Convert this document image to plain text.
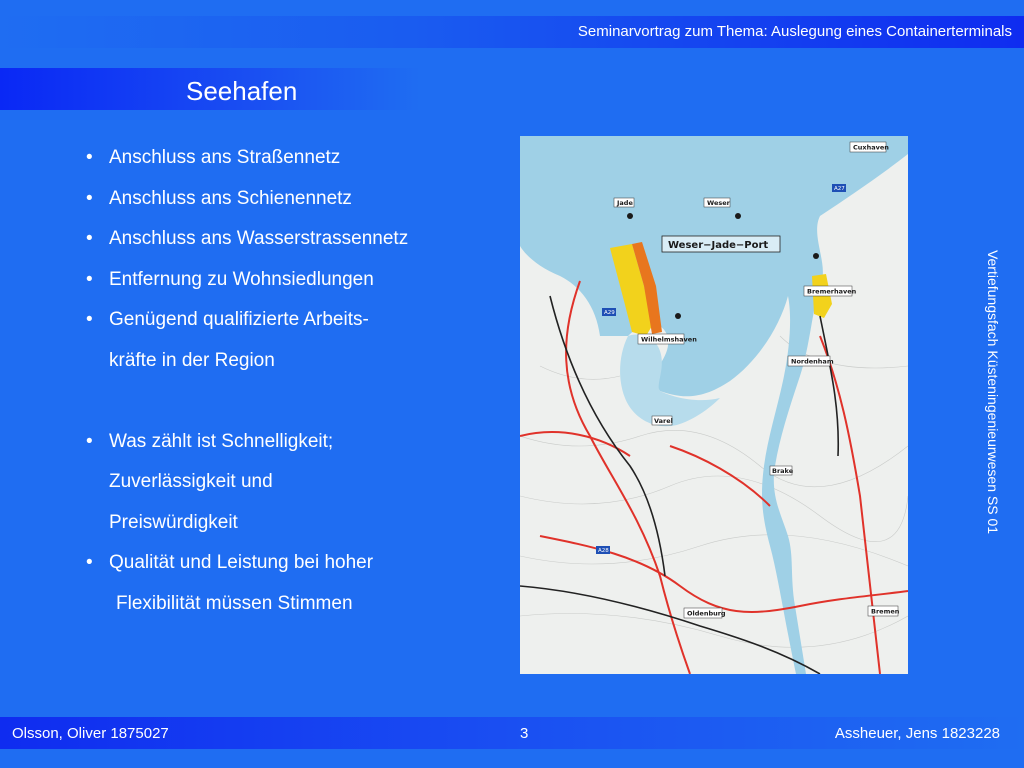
Seminarvortrag zum Thema: Auslegung eines Containerterminals
Seehafen
• Anschluss ans Straßennetz
• Anschluss ans Schienennetz
• Anschluss ans Wasserstrassennetz
• Entfernung zu Wohnsiedlungen
• Genügend qualifizierte Arbeits-
kräfte in der Region
• Was zählt ist Schnelligkeit;
Zuverlässigkeit und
Preiswürdigkeit
• Qualität und Leistung bei hoher
Flexibilität müssen Stimmen
Cuxhaven
Jade	Weser
Wilhelmshaven
Bremerhaven
Nordenham
Varel
Brake
Oldenburg	Bremen
Weser−Jade−Port
A27
A29
A28
Vertiefungsfach Küsteningenieurwesen SS 01
Olsson, Oliver 1875027	3	Assheuer, Jens 1823228
